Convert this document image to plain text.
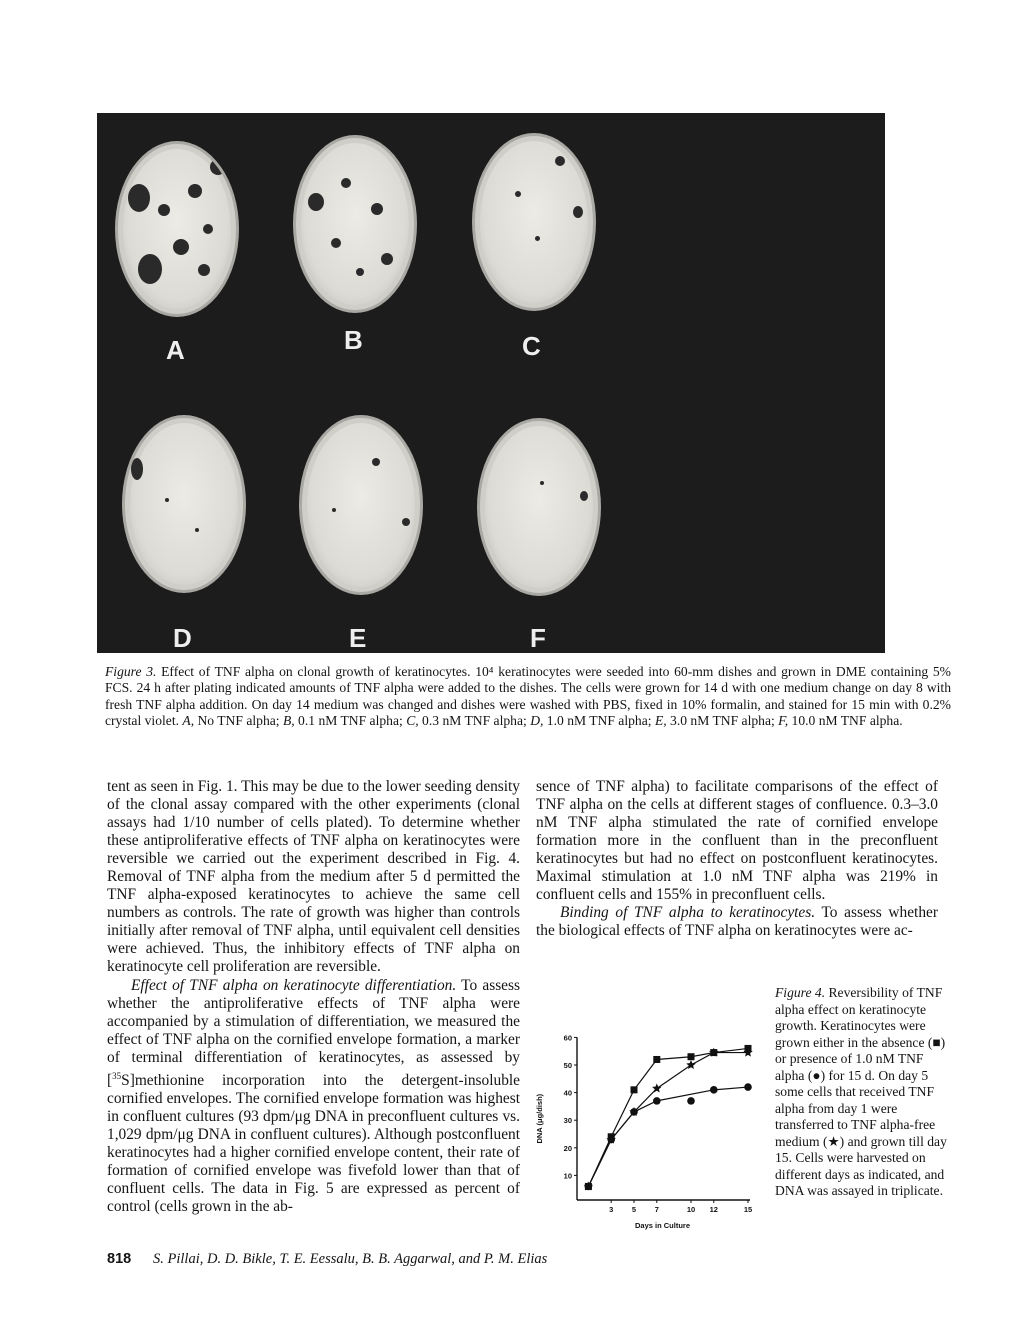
A	B	C
D	E	F
Figure 3. Effect of TNF alpha on clonal growth of keratinocytes. 10⁴ keratinocytes were seeded into 60-mm dishes and grown in DME containing 5% FCS. 24 h after plating indicated amounts of TNF alpha were added to the dishes. The cells were grown for 14 d with one medium change on day 8 with fresh TNF alpha addition. On day 14 medium was changed and dishes were washed with PBS, fixed in 10% formalin, and stained for 15 min with 0.2% crystal violet. A, No TNF alpha; B, 0.1 nM TNF alpha; C, 0.3 nM TNF alpha; D, 1.0 nM TNF alpha; E, 3.0 nM TNF alpha; F, 10.0 nM TNF alpha.

tent as seen in Fig. 1. This may be due to the lower seeding density of the clonal assay compared with the other experiments (clonal assays had 1/10 number of cells plated). To determine whether these antiproliferative effects of TNF alpha on keratinocytes were reversible we carried out the experiment described in Fig. 4. Removal of TNF alpha from the medium after 5 d permitted the TNF alpha-exposed keratinocytes to achieve the same cell numbers as controls. The rate of growth was higher than controls initially after removal of TNF alpha, until equivalent cell densities were achieved. Thus, the inhibitory effects of TNF alpha on keratinocyte cell proliferation are reversible.

Effect of TNF alpha on keratinocyte differentiation. To assess whether the antiproliferative effects of TNF alpha were accompanied by a stimulation of differentiation, we measured the effect of TNF alpha on the cornified envelope formation, a marker of terminal differentiation of keratinocytes, as assessed by [$^{35}$S]methionine incorporation into the detergent-insoluble cornified envelopes. The cornified envelope formation was highest in confluent cultures (93 dpm/μg DNA in preconfluent cultures vs. 1,029 dpm/μg DNA in confluent cultures). Although postconfluent keratinocytes had a higher cornified envelope content, their rate of formation of cornified envelope was fivefold lower than that of confluent cells. The data in Fig. 5 are expressed as percent of control (cells grown in the ab-

sence of TNF alpha) to facilitate comparisons of the effect of TNF alpha on the cells at different stages of confluence. 0.3–3.0 nM TNF alpha stimulated the rate of cornified envelope formation more in the confluent than in the preconfluent keratinocytes but had no effect on postconfluent keratinocytes. Maximal stimulation at 1.0 nM TNF alpha was 219% in confluent cells and 155% in preconfluent cells.

Binding of TNF alpha to keratinocytes. To assess whether the biological effects of TNF alpha on keratinocytes were ac-

10
20
30
40
50
60
3 5 7	10 12	15
Days in Culture
DNA (μg/dish)
Figure 4. Reversibility of TNF alpha effect on keratinocyte growth. Keratinocytes were grown either in the absence (■) or presence of 1.0 nM TNF alpha (●) for 15 d. On day 5 some cells that received TNF alpha from day 1 were transferred to TNF alpha-free medium (★) and grown till day 15. Cells were harvested on different days as indicated, and DNA was assayed in triplicate.
818 S. Pillai, D. D. Bikle, T. E. Eessalu, B. B. Aggarwal, and P. M. Elias
